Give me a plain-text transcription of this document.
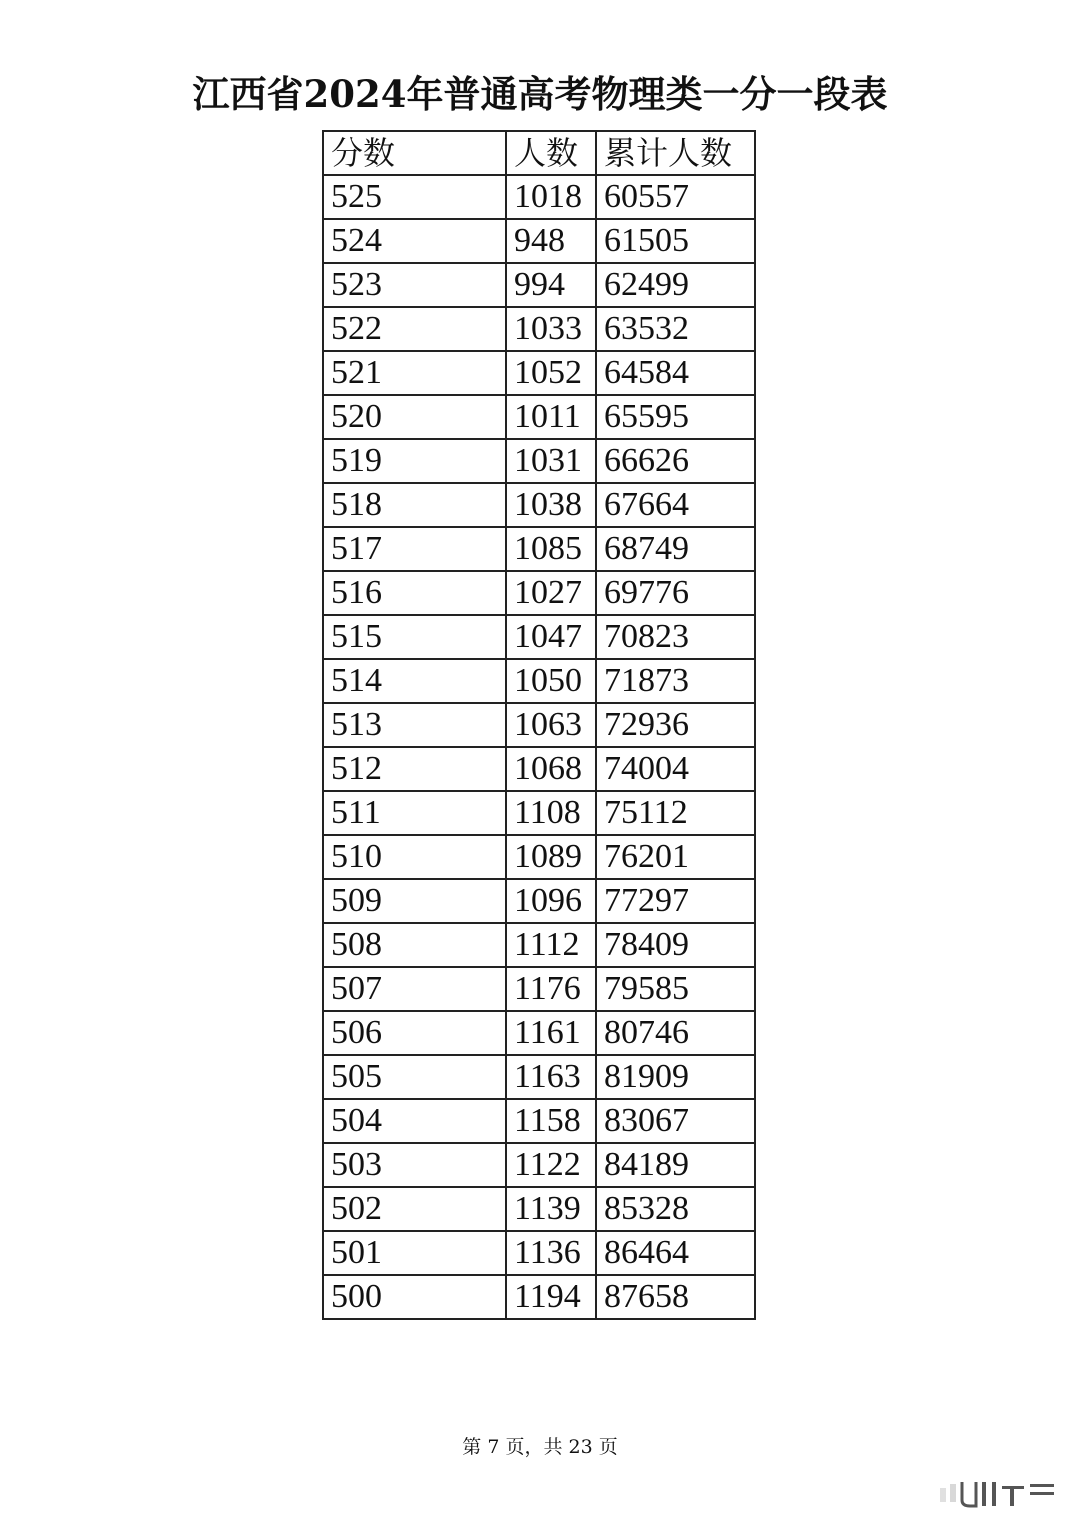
江西省2024年普通高考物理类一分一段表
分数	人数	累计人数
525	1018	60557
524	948	61505
523	994	62499
522	1033	63532
521	1052	64584
520	1011	65595
519	1031	66626
518	1038	67664
517	1085	68749
516	1027	69776
515	1047	70823
514	1050	71873
513	1063	72936
512	1068	74004
511	1108	75112
510	1089	76201
509	1096	77297
508	1112	78409
507	1176	79585
506	1161	80746
505	1163	81909
504	1158	83067
503	1122	84189
502	1139	85328
501	1136	86464
500	1194	87658
第 7 页，共 23 页
